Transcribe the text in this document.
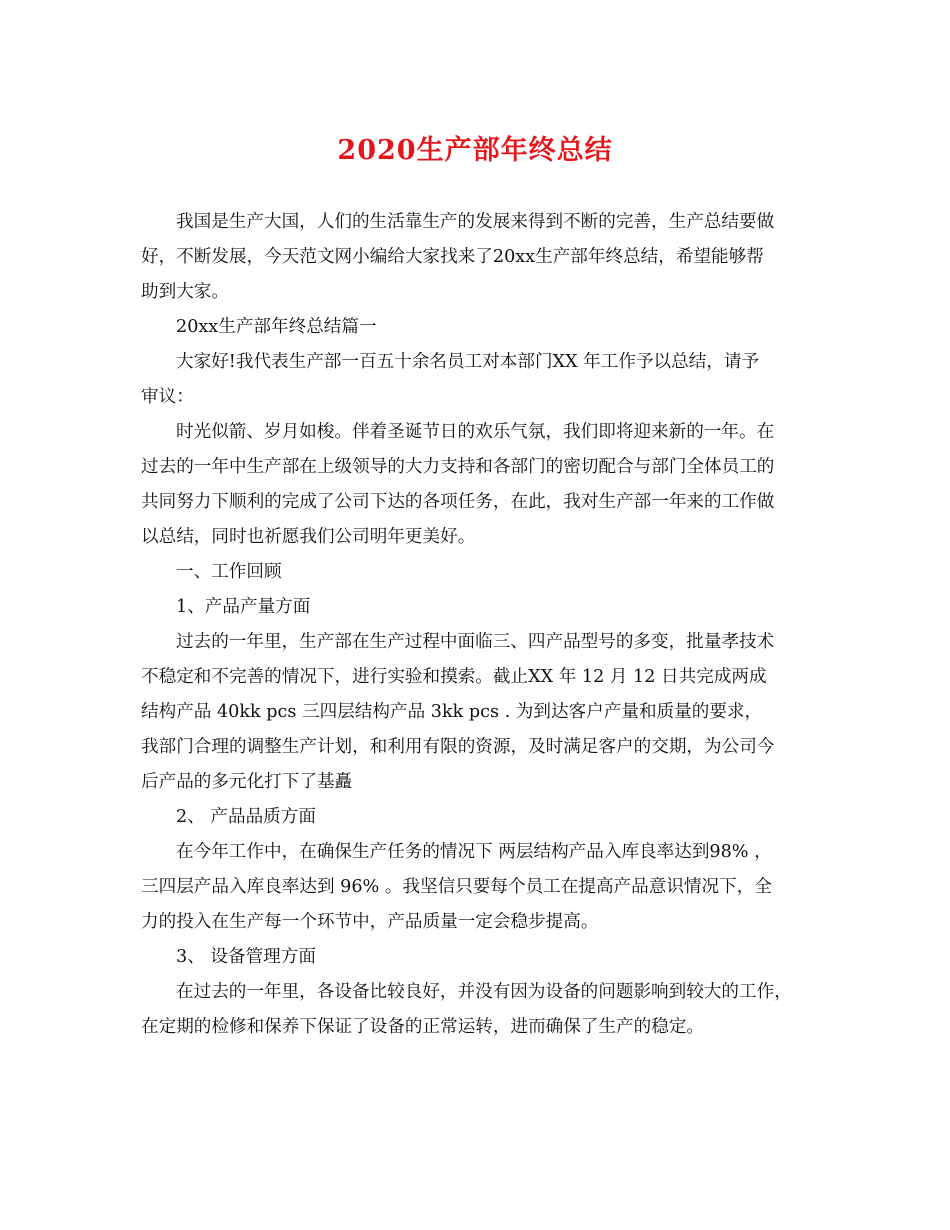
2020生产部年终总结
我国是生产大国，人们的生活靠生产的发展来得到不断的完善，生产总结要做
好，不断发展，今天范文网小编给大家找来了20xx生产部年终总结，希望能够帮
助到大家。
20xx生产部年终总结篇一
大家好!我代表生产部一百五十余名员工对本部门XX 年工作予以总结，请予
审议：
时光似箭、岁月如梭。伴着圣诞节日的欢乐气氛，我们即将迎来新的一年。在
过去的一年中生产部在上级领导的大力支持和各部门的密切配合与部门全体员工的
共同努力下顺利的完成了公司下达的各项任务，在此，我对生产部一年来的工作做
以总结，同时也祈愿我们公司明年更美好。
一、工作回顾
1、产品产量方面
过去的一年里，生产部在生产过程中面临三、四产品型号的多变，批量孝技术
不稳定和不完善的情况下，进行实验和摸索。截止XX 年 12 月 12 日共完成两成
结构产品 40kk pcs 三四层结构产品 3kk pcs . 为到达客户产量和质量的要求，
我部门合理的调整生产计划，和利用有限的资源，及时满足客户的交期，为公司今
后产品的多元化打下了基矗
2、 产品品质方面
在今年工作中，在确保生产任务的情况下 两层结构产品入库良率达到98% ，
三四层产品入库良率达到 96% 。我坚信只要每个员工在提高产品意识情况下，全
力的投入在生产每一个环节中，产品质量一定会稳步提高。
3、 设备管理方面
在过去的一年里，各设备比较良好，并没有因为设备的问题影响到较大的工作，
在定期的检修和保养下保证了设备的正常运转，进而确保了生产的稳定。
